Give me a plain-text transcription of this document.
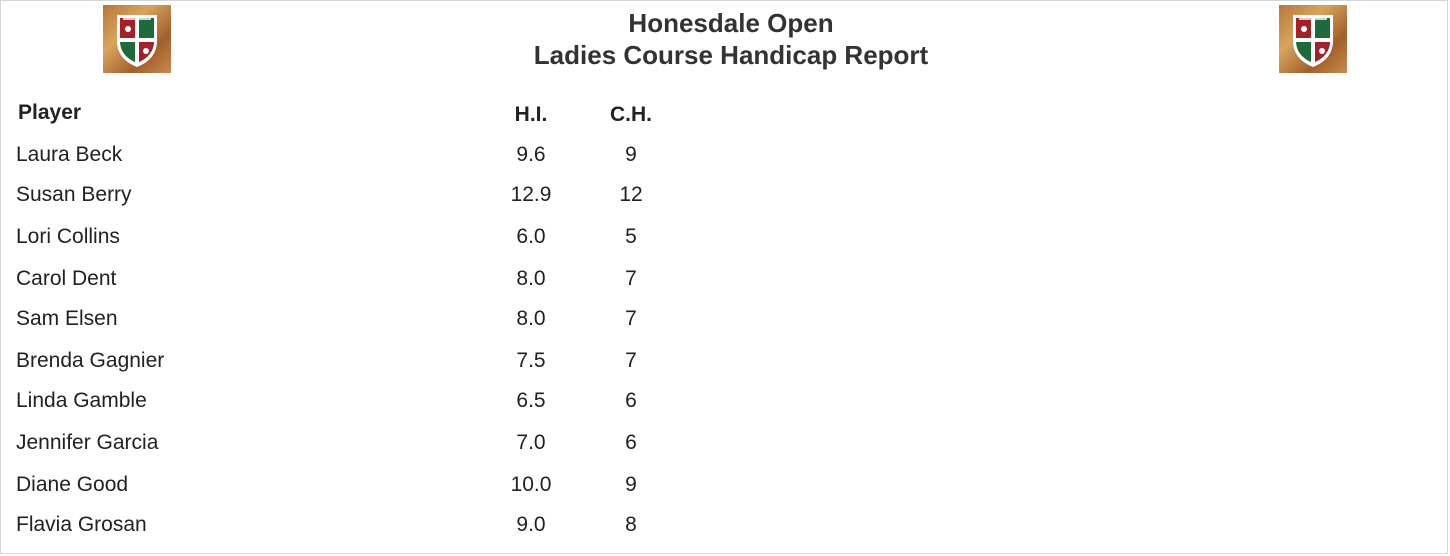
Honesdale Open
Ladies Course Handicap Report
Player	H.I.	C.H.
Laura Beck	9.6	9
Susan Berry	12.9	12
Lori Collins	6.0	5
Carol Dent	8.0	7
Sam Elsen	8.0	7
Brenda Gagnier	7.5	7
Linda Gamble	6.5	6
Jennifer Garcia	7.0	6
Diane Good	10.0	9
Flavia Grosan	9.0	8
